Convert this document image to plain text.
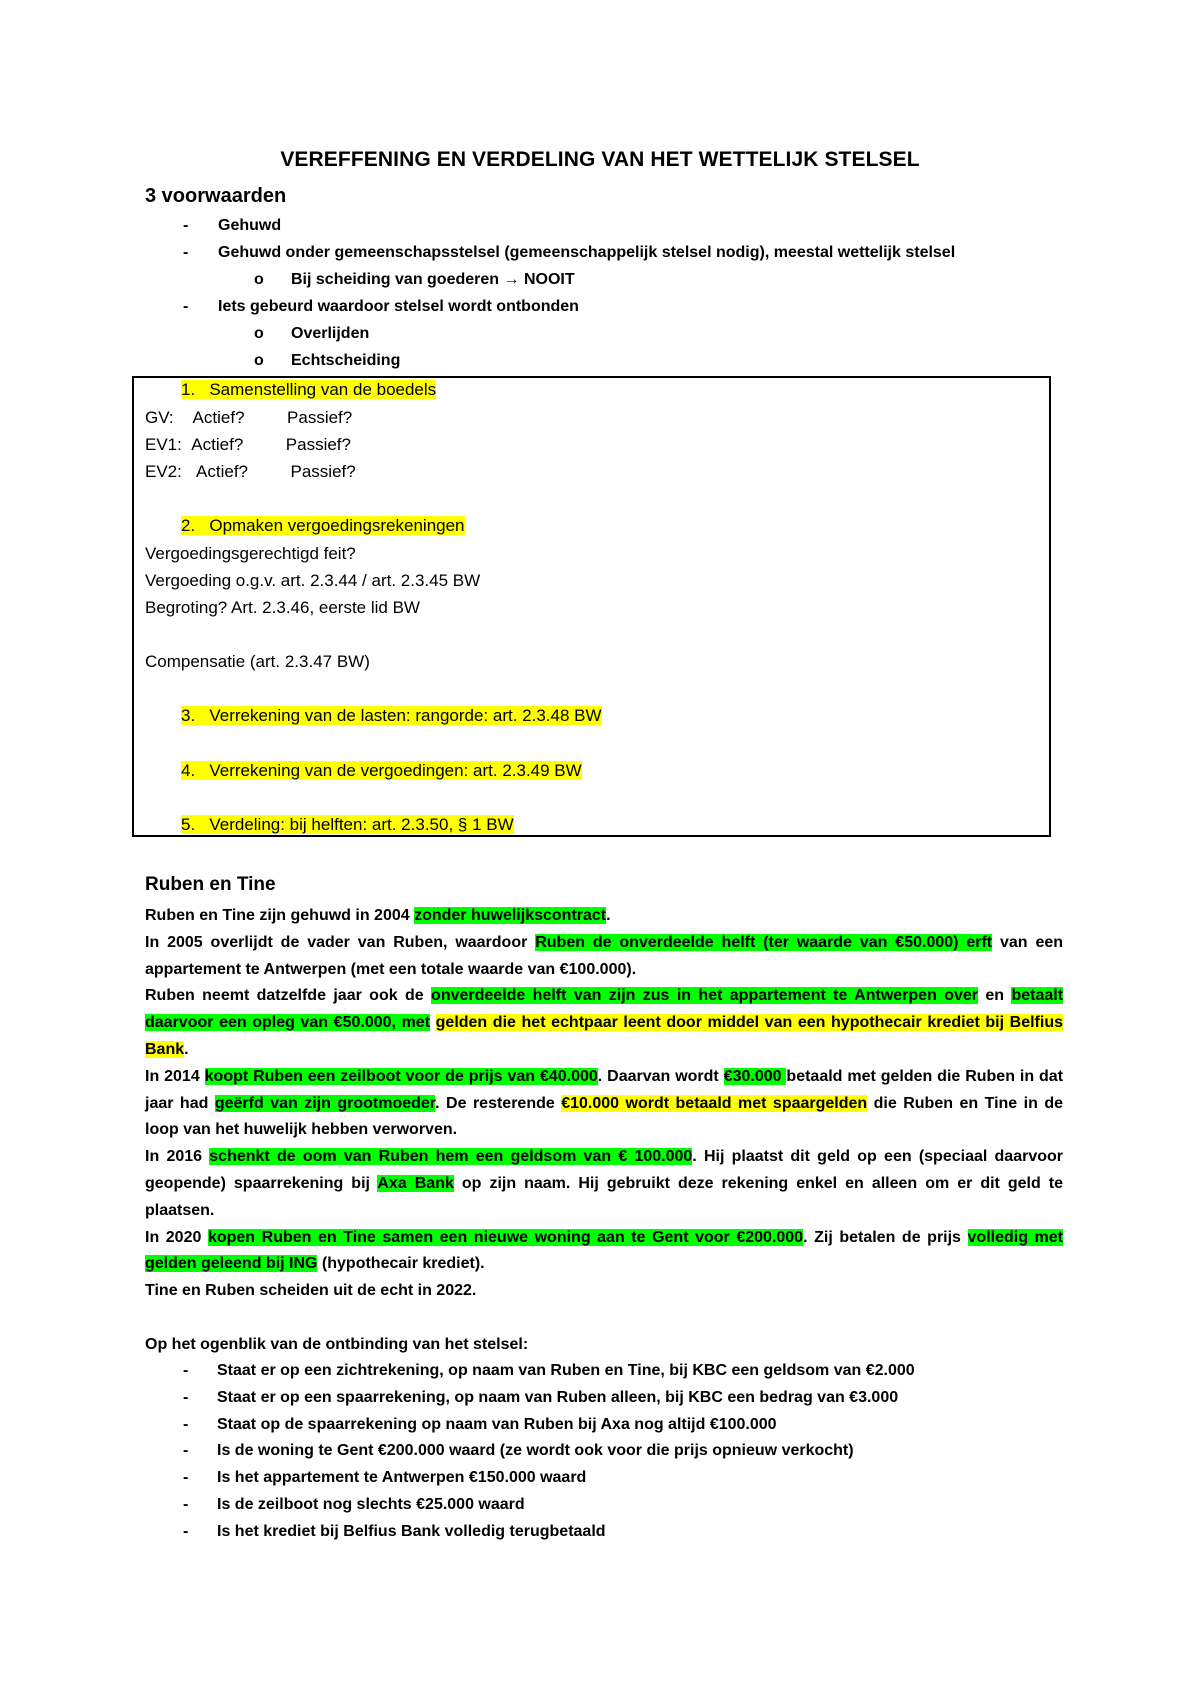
VEREFFENING EN VERDELING VAN HET WETTELIJK STELSEL
3 voorwaarden
- Gehuwd
- Gehuwd onder gemeenschapsstelsel (gemeenschappelijk stelsel nodig), meestal wettelijk stelsel
o Bij scheiding van goederen → NOOIT
- Iets gebeurd waardoor stelsel wordt ontbonden
o Overlijden
o Echtscheiding
1.   Samenstelling van de boedels
GV:    Actief?         Passief?
EV1:  Actief?         Passief?
EV2:   Actief?         Passief?
2.   Opmaken vergoedingsrekeningen
Vergoedingsgerechtigd feit?
Vergoeding o.g.v. art. 2.3.44 / art. 2.3.45 BW
Begroting? Art. 2.3.46, eerste lid BW
Compensatie (art. 2.3.47 BW)
3.   Verrekening van de lasten: rangorde: art. 2.3.48 BW
4.   Verrekening van de vergoedingen: art. 2.3.49 BW
5.   Verdeling: bij helften: art. 2.3.50, § 1 BW
Ruben en Tine

Ruben en Tine zijn gehuwd in 2004 zonder huwelijkscontract.

In 2005 overlijdt de vader van Ruben, waardoor Ruben de onverdeelde helft (ter waarde van €50.000) erft van een appartement te Antwerpen (met een totale waarde van €100.000).

Ruben neemt datzelfde jaar ook de onverdeelde helft van zijn zus in het appartement te Antwerpen over en betaalt daarvoor een opleg van €50.000, met gelden die het echtpaar leent door middel van een hypothecair krediet bij Belfius Bank.

In 2014 koopt Ruben een zeilboot voor de prijs van €40.000. Daarvan wordt €30.000 betaald met gelden die Ruben in dat jaar had geërfd van zijn grootmoeder. De resterende €10.000 wordt betaald met spaargelden die Ruben en Tine in de loop van het huwelijk hebben verworven.

In 2016 schenkt de oom van Ruben hem een geldsom van € 100.000. Hij plaatst dit geld op een (speciaal daarvoor geopende) spaarrekening bij Axa Bank op zijn naam. Hij gebruikt deze rekening enkel en alleen om er dit geld te plaatsen.

In 2020 kopen Ruben en Tine samen een nieuwe woning aan te Gent voor €200.000. Zij betalen de prijs volledig met gelden geleend bij ING (hypothecair krediet).

Tine en Ruben scheiden uit de echt in 2022.

Op het ogenblik van de ontbinding van het stelsel:

- Staat er op een zichtrekening, op naam van Ruben en Tine, bij KBC een geldsom van €2.000
- Staat er op een spaarrekening, op naam van Ruben alleen, bij KBC een bedrag van €3.000
- Staat op de spaarrekening op naam van Ruben bij Axa nog altijd €100.000
- Is de woning te Gent €200.000 waard (ze wordt ook voor die prijs opnieuw verkocht)
- Is het appartement te Antwerpen €150.000 waard
- Is de zeilboot nog slechts €25.000 waard
- Is het krediet bij Belfius Bank volledig terugbetaald
